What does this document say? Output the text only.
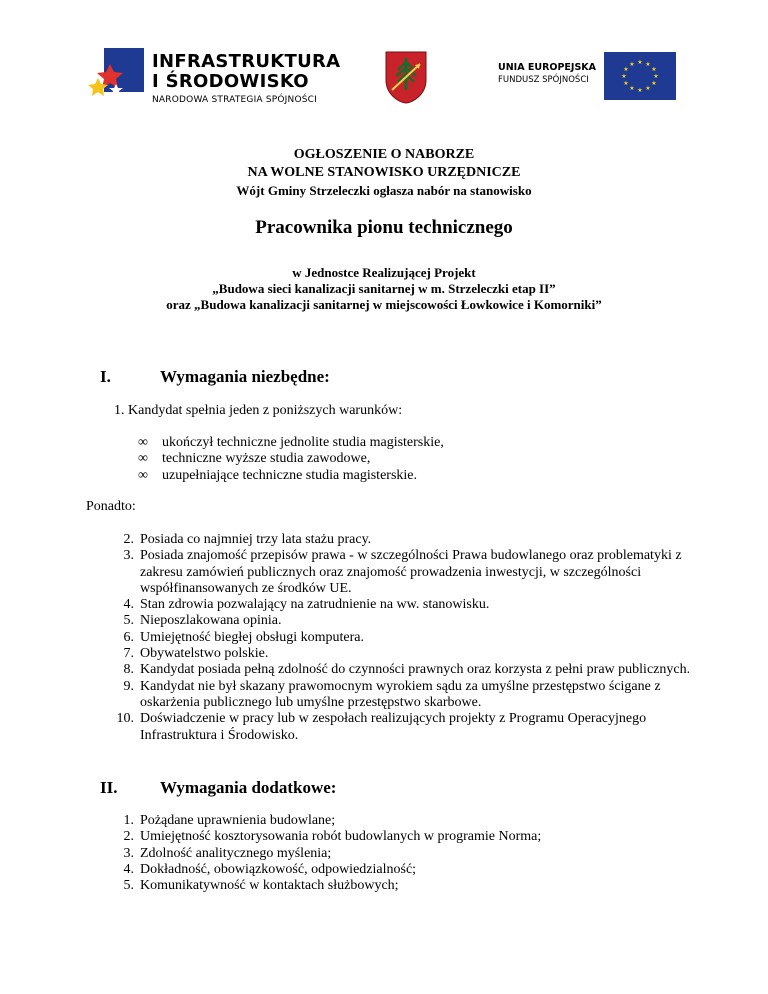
INFRASTRUKTURA
I ŚRODOWISKO
NARODOWA STRATEGIA SPÓJNOŚCI
UNIA EUROPEJSKA
FUNDUSZ SPÓJNOŚCI
★ ★
★
★
★
★
★
★
★
★
★
★
OGŁOSZENIE O NABORZE
NA WOLNE STANOWISKO URZĘDNICZE
Wójt Gminy Strzeleczki ogłasza nabór na stanowisko
Pracownika pionu technicznego
w Jednostce Realizującej Projekt
„Budowa sieci kanalizacji sanitarnej w m. Strzeleczki etap II”
oraz „Budowa kanalizacji sanitarnej w miejscowości Łowkowice i Komorniki”
I.	Wymagania niezbędne:
1. Kandydat spełnia jeden z poniższych warunków:
∞ ukończył techniczne jednolite studia magisterskie,
∞ techniczne wyższe studia zawodowe,
∞ uzupełniające techniczne studia magisterskie.
Ponadto:
2. Posiada co najmniej trzy lata stażu pracy.
3. Posiada znajomość przepisów prawa - w szczególności Prawa budowlanego oraz problematyki z zakresu zamówień publicznych oraz znajomość prowadzenia inwestycji, w szczególności współfinansowanych ze środków UE.
4. Stan zdrowia pozwalający na zatrudnienie na ww. stanowisku.
5. Nieposzlakowana opinia.
6. Umiejętność biegłej obsługi komputera.
7. Obywatelstwo polskie.
8. Kandydat posiada pełną zdolność do czynności prawnych oraz korzysta z pełni praw publicznych.
9. Kandydat nie był skazany prawomocnym wyrokiem sądu za umyślne przestępstwo ścigane z oskarżenia publicznego lub umyślne przestępstwo skarbowe.
10. Doświadczenie w pracy lub w zespołach realizujących projekty z Programu Operacyjnego Infrastruktura i Środowisko.
II.	Wymagania dodatkowe:
1. Pożądane uprawnienia budowlane;
2. Umiejętność kosztorysowania robót budowlanych w programie Norma;
3. Zdolność analitycznego myślenia;
4. Dokładność, obowiązkowość, odpowiedzialność;
5. Komunikatywność w kontaktach służbowych;
